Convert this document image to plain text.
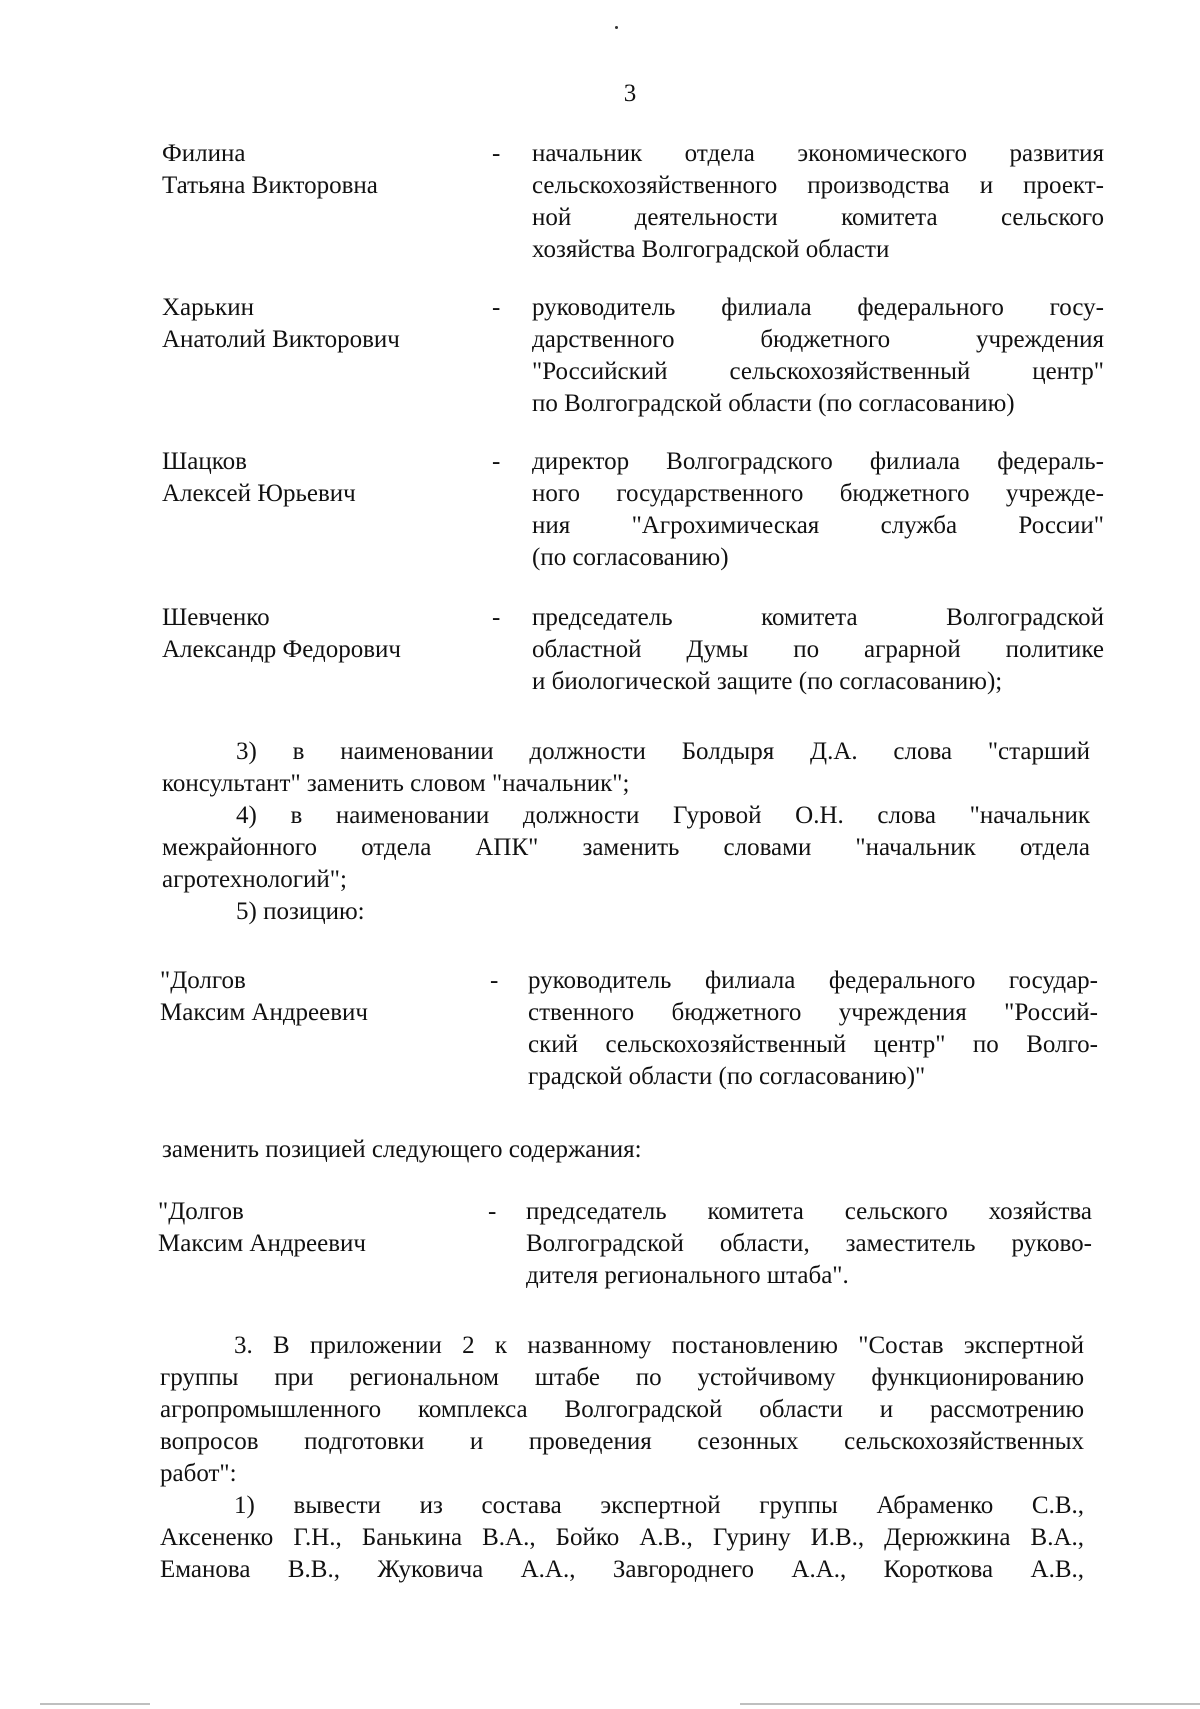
3
Филина
Татьяна Викторовна
- начальник отдела экономического развития
сельскохозяйственного производства и проект-
ной деятельности комитета сельского
хозяйства Волгоградской области
Харькин
Анатолий Викторович
- руководитель филиала федерального госу-
дарственного бюджетного учреждения
"Российский сельскохозяйственный центр"
по Волгоградской области (по согласованию)
Шацков
Алексей Юрьевич
- директор Волгоградского филиала федераль-
ного государственного бюджетного учрежде-
ния "Агрохимическая служба России"
(по согласованию)
Шевченко
Александр Федорович
- председатель комитета Волгоградской
областной Думы по аграрной политике
и биологической защите (по согласованию);
3) в наименовании должности Болдыря Д.А. слова "старший
консультант" заменить словом "начальник";
4) в наименовании должности Гуровой О.Н. слова "начальник
межрайонного отдела АПК" заменить словами "начальник отдела
агротехнологий";
5) позицию:
"Долгов
Максим Андреевич
- руководитель филиала федерального государ-
ственного бюджетного учреждения "Россий-
ский сельскохозяйственный центр" по Волго-
градской области (по согласованию)"
заменить позицией следующего содержания:
"Долгов
Максим Андреевич
- председатель комитета сельского хозяйства
Волгоградской области, заместитель руково-
дителя регионального штаба".
3. В приложении 2 к названному постановлению "Состав экспертной
группы при региональном штабе по устойчивому функционированию
агропромышленного комплекса Волгоградской области и рассмотрению
вопросов подготовки и проведения сезонных сельскохозяйственных
работ":
1) вывести из состава экспертной группы Абраменко С.В.,
Аксененко Г.Н., Банькина В.А., Бойко А.В., Гурину И.В., Дерюжкина В.А.,
Еманова В.В., Жуковича А.А., Завгороднего А.А., Короткова А.В.,
